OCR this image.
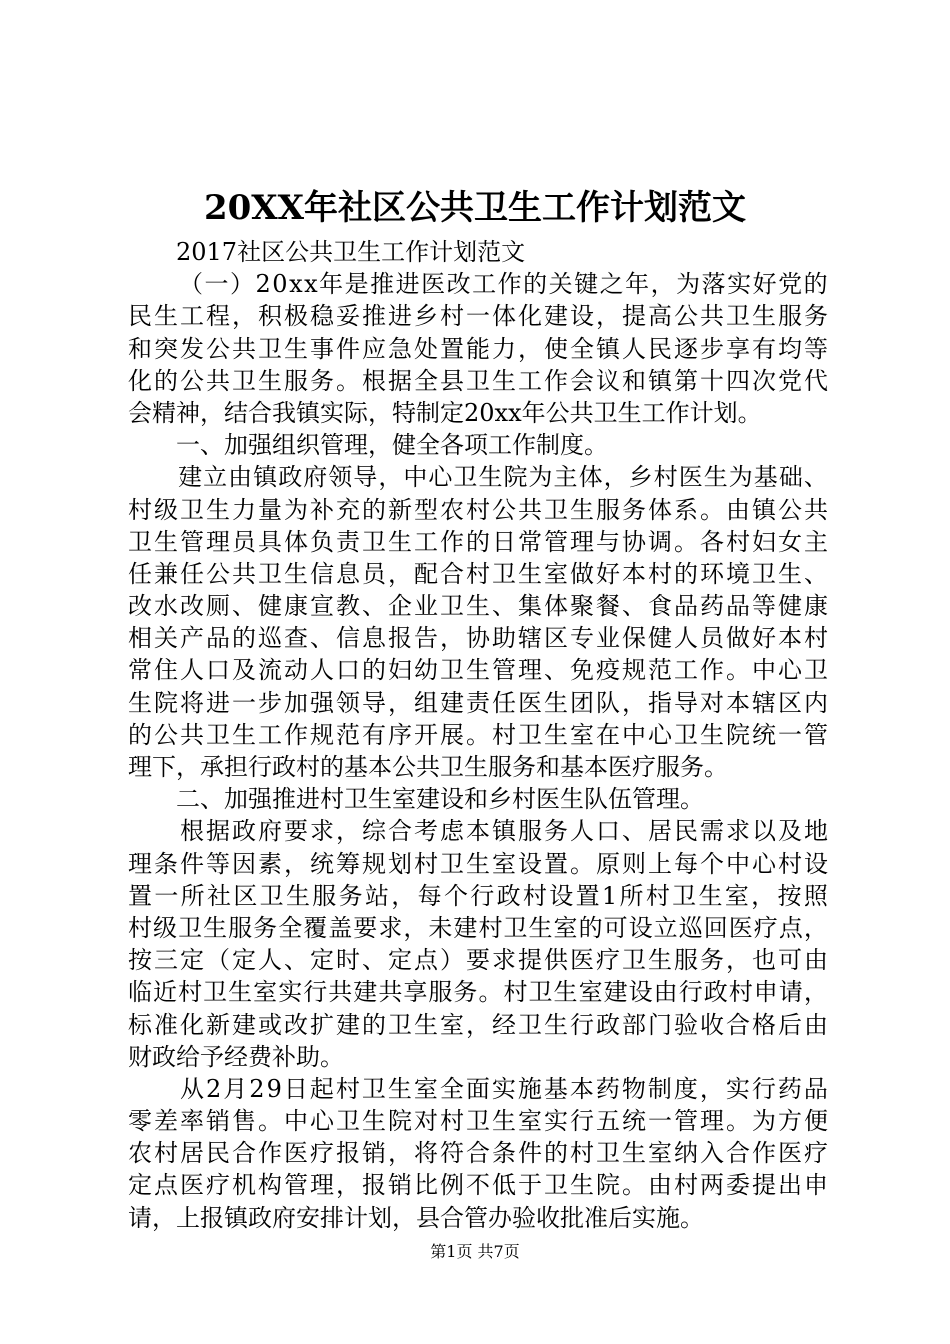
20XX年社区公共卫生工作计划范文
　　2017社区公共卫生工作计划范文

（ 一 ） 2 0 x x 年 是 推 进 医 改 工 作 的 关 键 之 年 ， 为 落 实 好 党 的
民 生 工 程 ， 积 极 稳 妥 推 进 乡 村 一 体 化 建 设 ， 提 高 公 共 卫 生 服 务
和 突 发 公 共 卫 生 事 件 应 急 处 置 能 力 ， 使 全 镇 人 民 逐 步 享 有 均 等
化 的 公 共 卫 生 服 务 。 根 据 全 县 卫 生 工 作 会 议 和 镇 第 十 四 次 党 代
会精神，结合我镇实际，特制定20xx年公共卫生工作计划。
　　一、加强组织管理，健全各项工作制度。

建 立 由 镇 政 府 领 导 ， 中 心 卫 生 院 为 主 体 ， 乡 村 医 生 为 基 础 、
村 级 卫 生 力 量 为 补 充 的 新 型 农 村 公 共 卫 生 服 务 体 系 。 由 镇 公 共
卫 生 管 理 员 具 体 负 责 卫 生 工 作 的 日 常 管 理 与 协 调 。 各 村 妇 女 主
任 兼 任 公 共 卫 生 信 息 员 ， 配 合 村 卫 生 室 做 好 本 村 的 环 境 卫 生 、
改 水 改 厕 、 健 康 宣 教 、 企 业 卫 生 、 集 体 聚 餐 、 食 品 药 品 等 健 康
相 关 产 品 的 巡 查 、 信 息 报 告 ， 协 助 辖 区 专 业 保 健 人 员 做 好 本 村
常 住 人 口 及 流 动 人 口 的 妇 幼 卫 生 管 理 、 免 疫 规 范 工 作 。 中 心 卫
生 院 将 进 一 步 加 强 领 导 ， 组 建 责 任 医 生 团 队 ， 指 导 对 本 辖 区 内
的 公 共 卫 生 工 作 规 范 有 序 开 展 。 村 卫 生 室 在 中 心 卫 生 院 统 一 管
理下，承担行政村的基本公共卫生服务和基本医疗服务。
　　二、加强推进村卫生室建设和乡村医生队伍管理。

根 据 政 府 要 求 ， 综 合 考 虑 本 镇 服 务 人 口 、 居 民 需 求 以 及 地
理 条 件 等 因 素 ， 统 筹 规 划 村 卫 生 室 设 置 。 原 则 上 每 个 中 心 村 设
置 一 所 社 区 卫 生 服 务 站 ， 每 个 行 政 村 设 置 1 所 村 卫 生 室 ， 按 照
村 级 卫 生 服 务 全 覆 盖 要 求 ， 未 建 村 卫 生 室 的 可 设 立 巡 回 医 疗 点 ，
按 三 定 （ 定 人 、 定 时 、 定 点 ） 要 求 提 供 医 疗 卫 生 服 务 ， 也 可 由
临 近 村 卫 生 室 实 行 共 建 共 享 服 务 。 村 卫 生 室 建 设 由 行 政 村 申 请 ，
标 准 化 新 建 或 改 扩 建 的 卫 生 室 ， 经 卫 生 行 政 部 门 验 收 合 格 后 由
财政给予经费补助。

从 2 月 2 9 日 起 村 卫 生 室 全 面 实 施 基 本 药 物 制 度 ， 实 行 药 品
零 差 率 销 售 。 中 心 卫 生 院 对 村 卫 生 室 实 行 五 统 一 管 理 。 为 方 便
农 村 居 民 合 作 医 疗 报 销 ， 将 符 合 条 件 的 村 卫 生 室 纳 入 合 作 医 疗
定 点 医 疗 机 构 管 理 ， 报 销 比 例 不 低 于 卫 生 院 。 由 村 两 委 提 出 申
请，上报镇政府安排计划，县合管办验收批准后实施。
第1页 共7页
